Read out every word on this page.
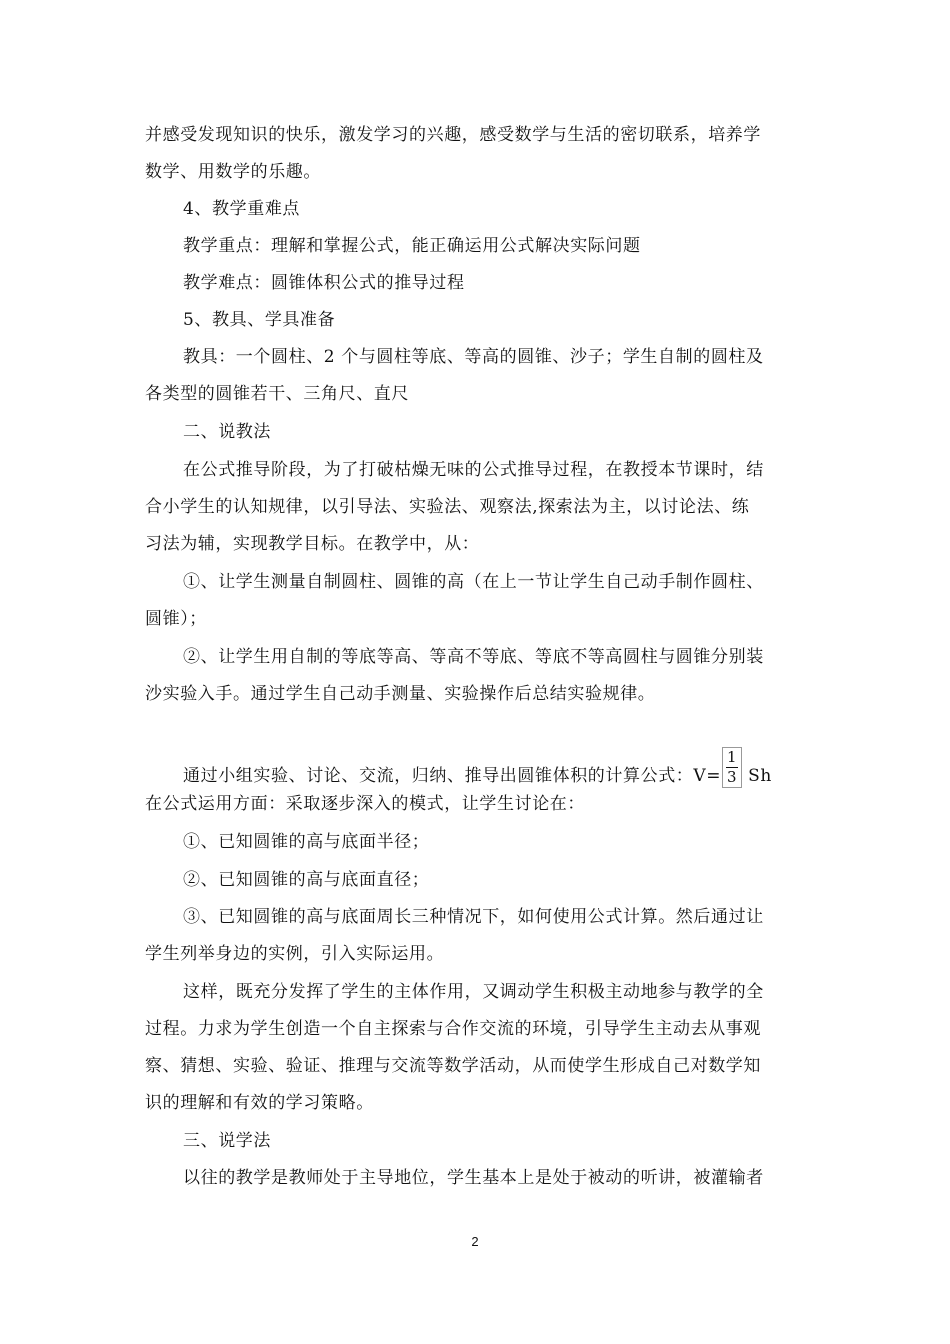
并感受发现知识的快乐，激发学习的兴趣，感受数学与生活的密切联系，培养学
数学、用数学的乐趣。
4、教学重难点
教学重点：理解和掌握公式，能正确运用公式解决实际问题
教学难点：圆锥体积公式的推导过程
5、教具、学具准备
教具：一个圆柱、2 个与圆柱等底、等高的圆锥、沙子；学生自制的圆柱及
各类型的圆锥若干、三角尺、直尺
二、说教法
在公式推导阶段，为了打破枯燥无味的公式推导过程，在教授本节课时，结
合小学生的认知规律，以引导法、实验法、观察法,探索法为主，以讨论法、练
习法为辅，实现教学目标。在教学中，从：
①、让学生测量自制圆柱、圆锥的高（在上一节让学生自己动手制作圆柱、
圆锥）；
②、让学生用自制的等底等高、等高不等底、等底不等高圆柱与圆锥分别装
沙实验入手。通过学生自己动手测量、实验操作后总结实验规律。
通过小组实验、讨论、交流，归纳、推导出圆锥体积的计算公式：$V= \frac{1}{3}$ Sh
在公式运用方面：采取逐步深入的模式，让学生讨论在：
①、已知圆锥的高与底面半径；
②、已知圆锥的高与底面直径；
③、已知圆锥的高与底面周长三种情况下，如何使用公式计算。然后通过让
学生列举身边的实例，引入实际运用。
这样，既充分发挥了学生的主体作用，又调动学生积极主动地参与教学的全
过程。力求为学生创造一个自主探索与合作交流的环境，引导学生主动去从事观
察、猜想、实验、验证、推理与交流等数学活动，从而使学生形成自己对数学知
识的理解和有效的学习策略。
三、说学法
以往的教学是教师处于主导地位，学生基本上是处于被动的听讲，被灌输者
2
